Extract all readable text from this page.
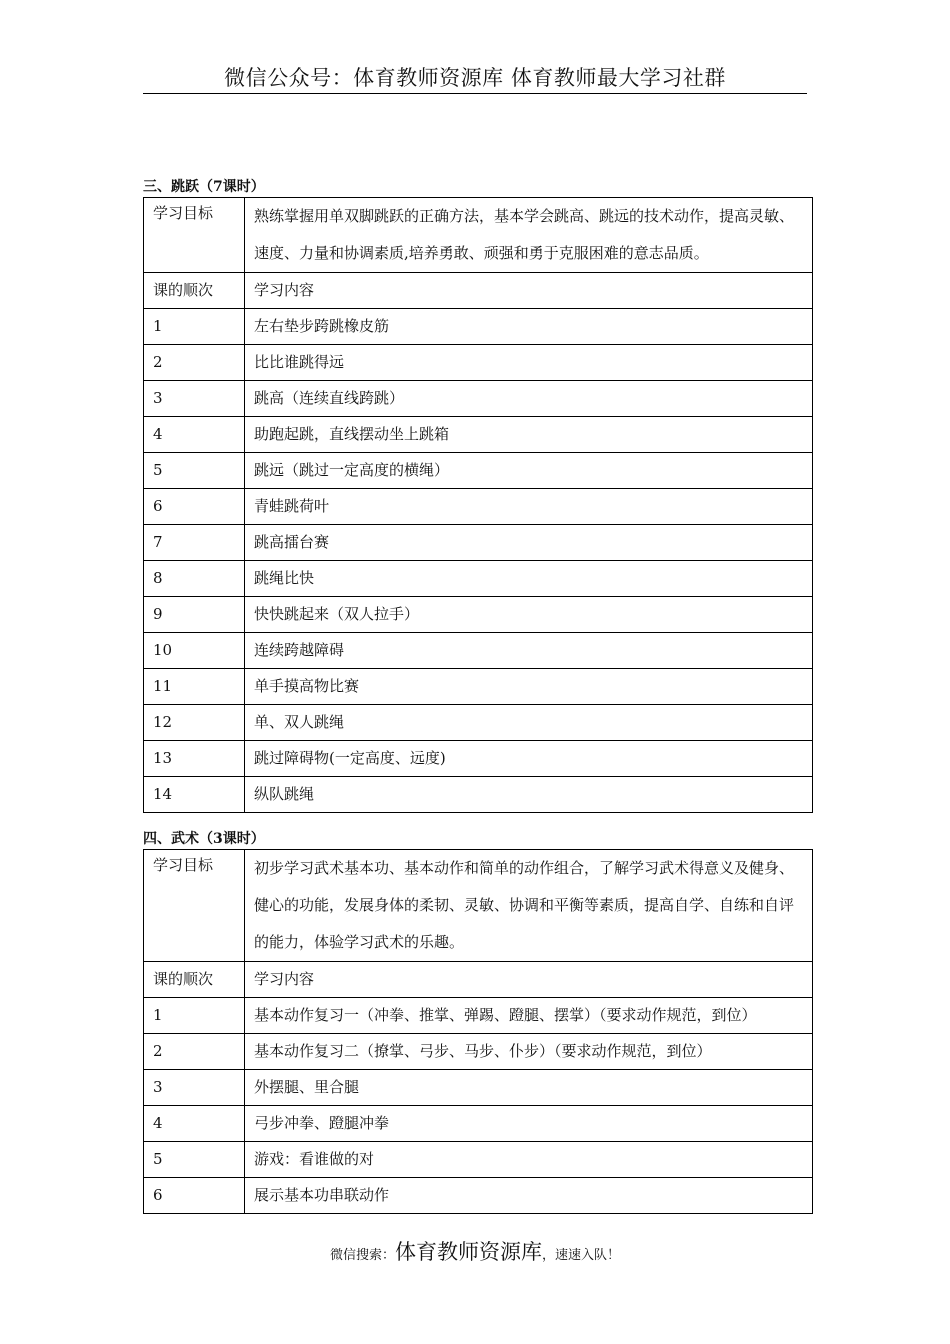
微信公众号：体育教师资源库 体育教师最大学习社群
三、跳跃（7课时）
学习目标	熟练掌握用单双脚跳跃的正确方法，基本学会跳高、跳远的技术动作，提高灵敏、速度、力量和协调素质,培养勇敢、顽强和勇于克服困难的意志品质。
课的顺次	学习内容
1	左右垫步跨跳橡皮筋
2	比比谁跳得远
3	跳高（连续直线跨跳）
4	助跑起跳，直线摆动坐上跳箱
5	跳远（跳过一定高度的横绳）
6	青蛙跳荷叶
7	跳高擂台赛
8	跳绳比快
9	快快跳起来（双人拉手）
10	连续跨越障碍
11	单手摸高物比赛
12	单、双人跳绳
13	跳过障碍物(一定高度、远度)
14	纵队跳绳
四、武术（3课时）
学习目标	初步学习武术基本功、基本动作和简单的动作组合，了解学习武术得意义及健身、健心的功能，发展身体的柔韧、灵敏、协调和平衡等素质，提高自学、自练和自评的能力，体验学习武术的乐趣。
课的顺次	学习内容
1	基本动作复习一（冲拳、推掌、弹踢、蹬腿、摆掌）（要求动作规范，到位）
2	基本动作复习二（撩掌、弓步、马步、仆步）（要求动作规范，到位）
3	外摆腿、里合腿
4	弓步冲拳、蹬腿冲拳
5	游戏：看谁做的对
6	展示基本功串联动作
微信搜索：体育教师资源库，速速入队！
